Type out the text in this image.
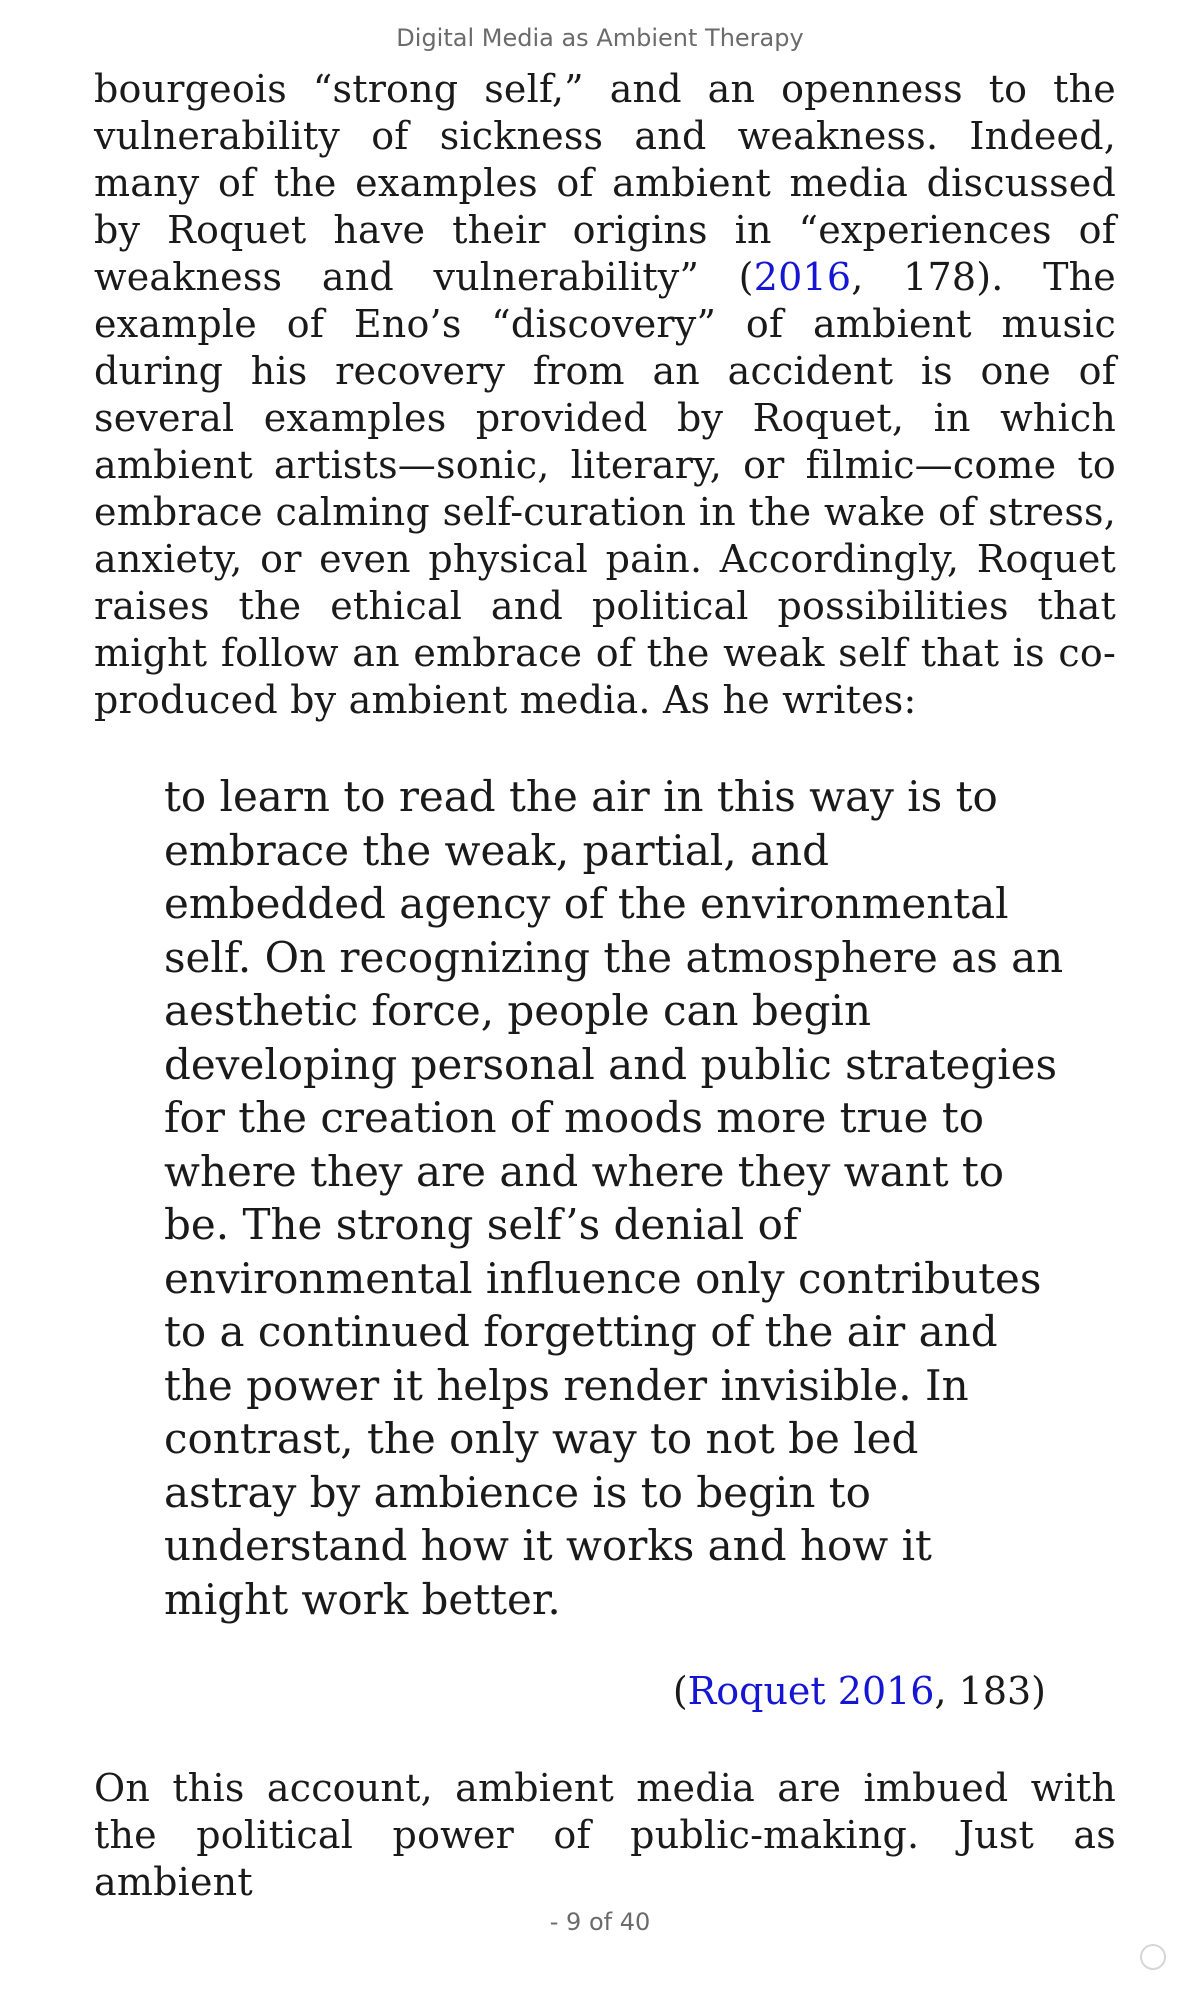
Digital Media as Ambient Therapy

bourgeois “strong self,” and an openness to the vulnerability of sickness and weakness. Indeed, many of the examples of ambient media discussed by Roquet have their origins in “experiences of weakness and vulnerability” (2016, 178). The example of Eno’s “discovery” of ambient music during his recovery from an accident is one of several examples provided by Roquet, in which ambient artists—sonic, literary, or filmic—come to embrace calming self-curation in the wake of stress, anxiety, or even physical pain. Accordingly, Roquet raises the ethical and political possibilities that might follow an embrace of the weak self that is co-produced by ambient media. As he writes:

to learn to read the air in this way is to embrace the weak, partial, and embedded agency of the environmental self. On recognizing the atmosphere as an aesthetic force, people can begin developing personal and public strategies for the creation of moods more true to where they are and where they want to be. The strong self’s denial of environmental influence only contributes to a continued forgetting of the air and the power it helps render invisible. In contrast, the only way to not be led astray by ambience is to begin to understand how it works and how it might work better.

(Roquet 2016, 183)

On this account, ambient media are imbued with the political power of public-making. Just as ambient

- 9 of 40
